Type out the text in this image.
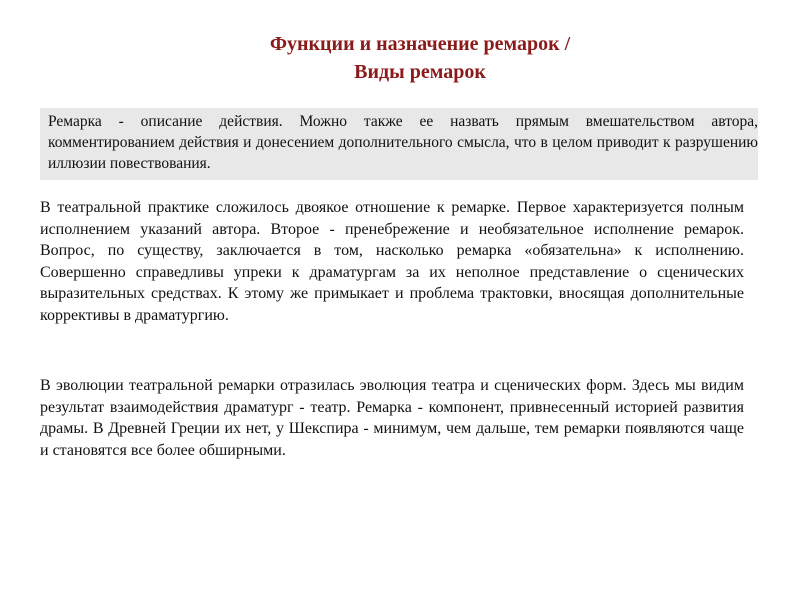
Функции и назначение ремарок /
Виды ремарок

Ремарка - описание действия. Можно также ее назвать прямым вмешательством автора, комментированием действия и донесением дополнительного смысла, что в целом приводит к разрушению иллюзии повествования.

В театральной практике сложилось двоякое отношение к ремарке. Первое характеризуется полным исполнением указаний автора. Второе - пренебрежение и необязательное исполнение ремарок. Вопрос, по существу, заключается в том, насколько ремарка «обязательна» к исполнению. Совершенно справедливы упреки к драматургам за их неполное представление о сценических выразительных средствах. К этому же примыкает и проблема трактовки, вносящая дополнительные коррективы в драматургию.

В эволюции театральной ремарки отразилась эволюция театра и сценических форм. Здесь мы видим результат взаимодействия драматург - театр. Ремарка - компонент, привнесенный историей развития драмы. В Древней Греции их нет, у Шекспира - минимум, чем дальше, тем ремарки появляются чаще и становятся все более обширными.
